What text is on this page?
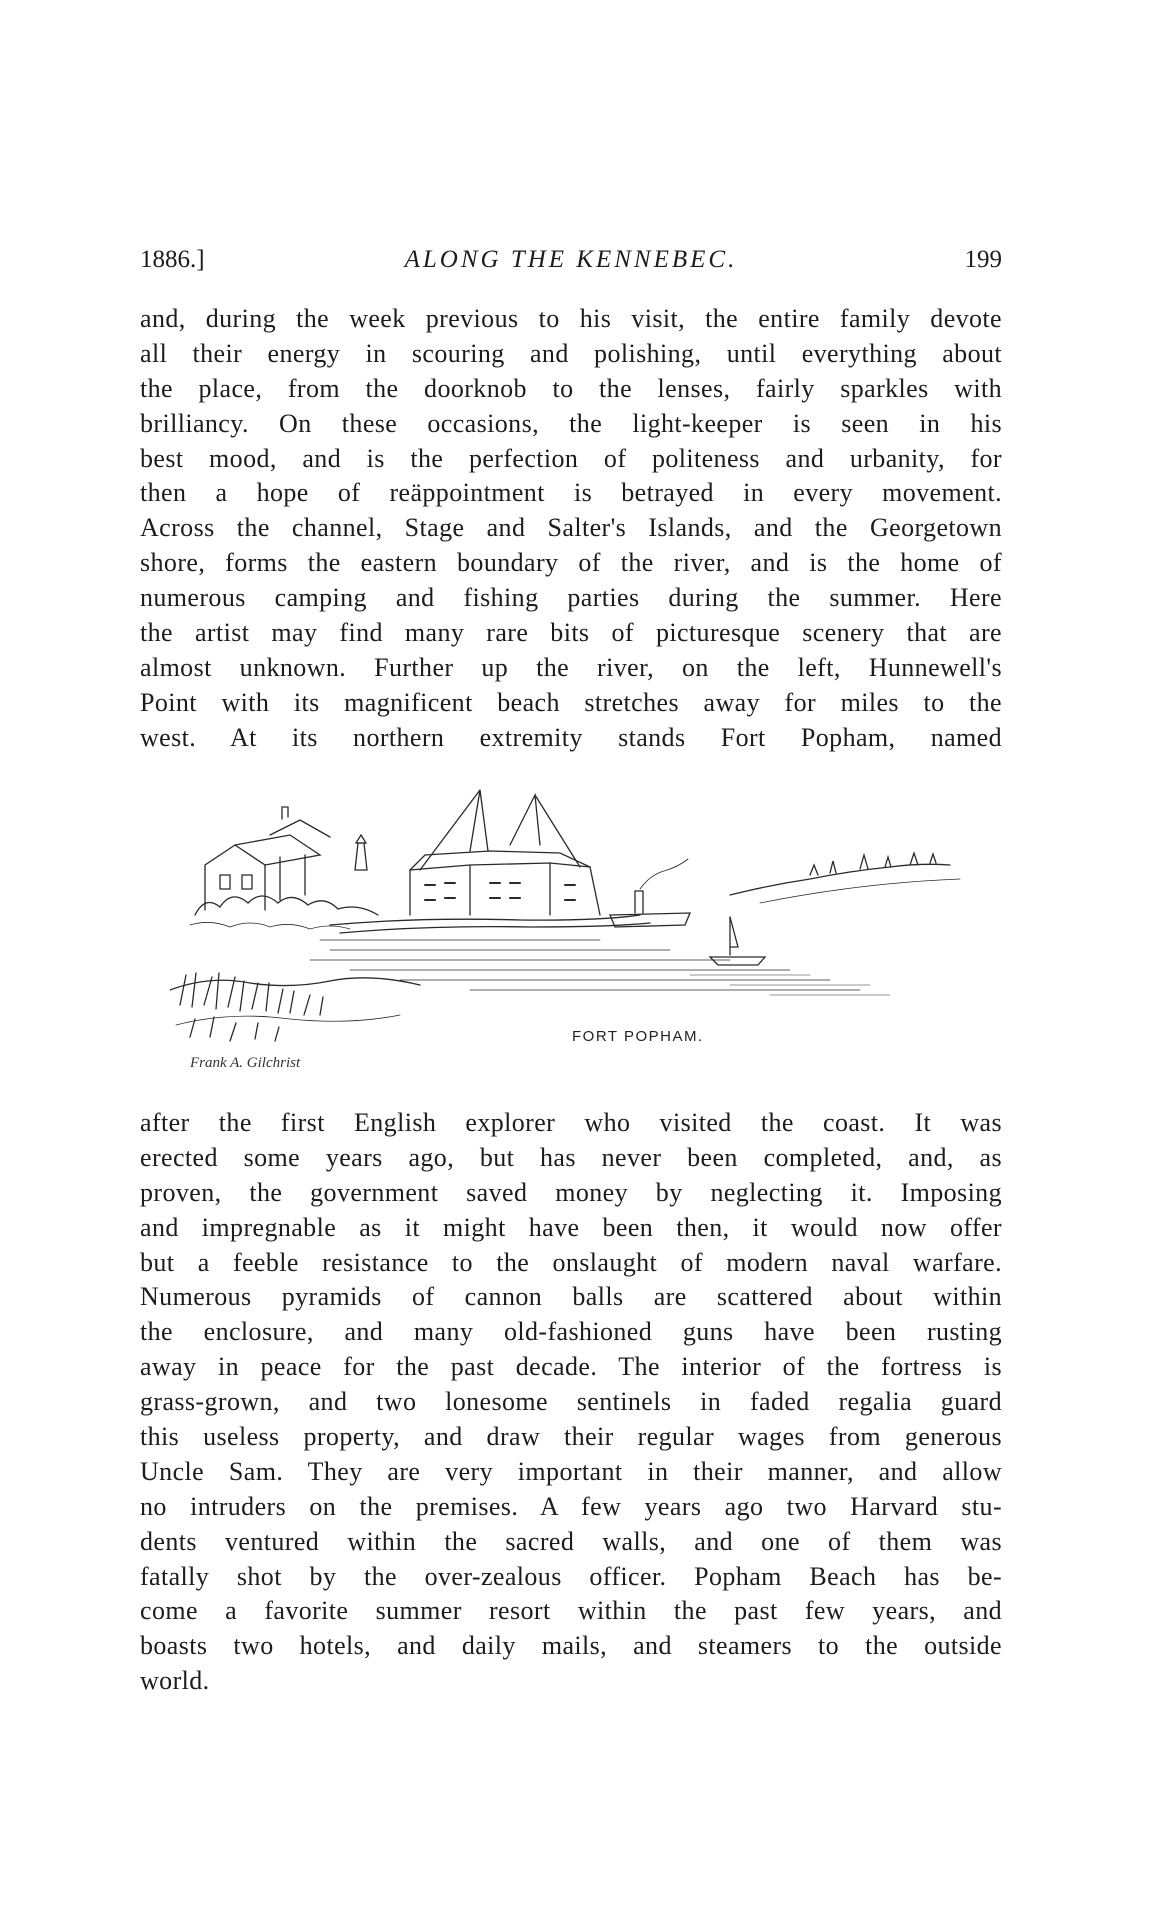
1886.]	ALONG THE KENNEBEC.	199
and, during the week previous to his visit, the entire family devote
all their energy in scouring and polishing, until everything about
the place, from the doorknob to the lenses, fairly sparkles with
brilliancy. On these occasions, the light-keeper is seen in his
best mood, and is the perfection of politeness and urbanity, for
then a hope of reäppointment is betrayed in every movement.
Across the channel, Stage and Salter's Islands, and the Georgetown
shore, forms the eastern boundary of the river, and is the home of
numerous camping and fishing parties during the summer. Here
the artist may find many rare bits of picturesque scenery that are
almost unknown. Further up the river, on the left, Hunnewell's
Point with its magnificent beach stretches away for miles to the
west. At its northern extremity stands Fort Popham, named
Frank A. Gilchrist
FORT POPHAM.
after the first English explorer who visited the coast. It was
erected some years ago, but has never been completed, and, as
proven, the government saved money by neglecting it. Imposing
and impregnable as it might have been then, it would now offer
but a feeble resistance to the onslaught of modern naval warfare.
Numerous pyramids of cannon balls are scattered about within
the enclosure, and many old-fashioned guns have been rusting
away in peace for the past decade. The interior of the fortress is
grass-grown, and two lonesome sentinels in faded regalia guard
this useless property, and draw their regular wages from generous
Uncle Sam. They are very important in their manner, and allow
no intruders on the premises. A few years ago two Harvard stu-
dents ventured within the sacred walls, and one of them was
fatally shot by the over-zealous officer. Popham Beach has be-
come a favorite summer resort within the past few years, and
boasts two hotels, and daily mails, and steamers to the outside
world.
